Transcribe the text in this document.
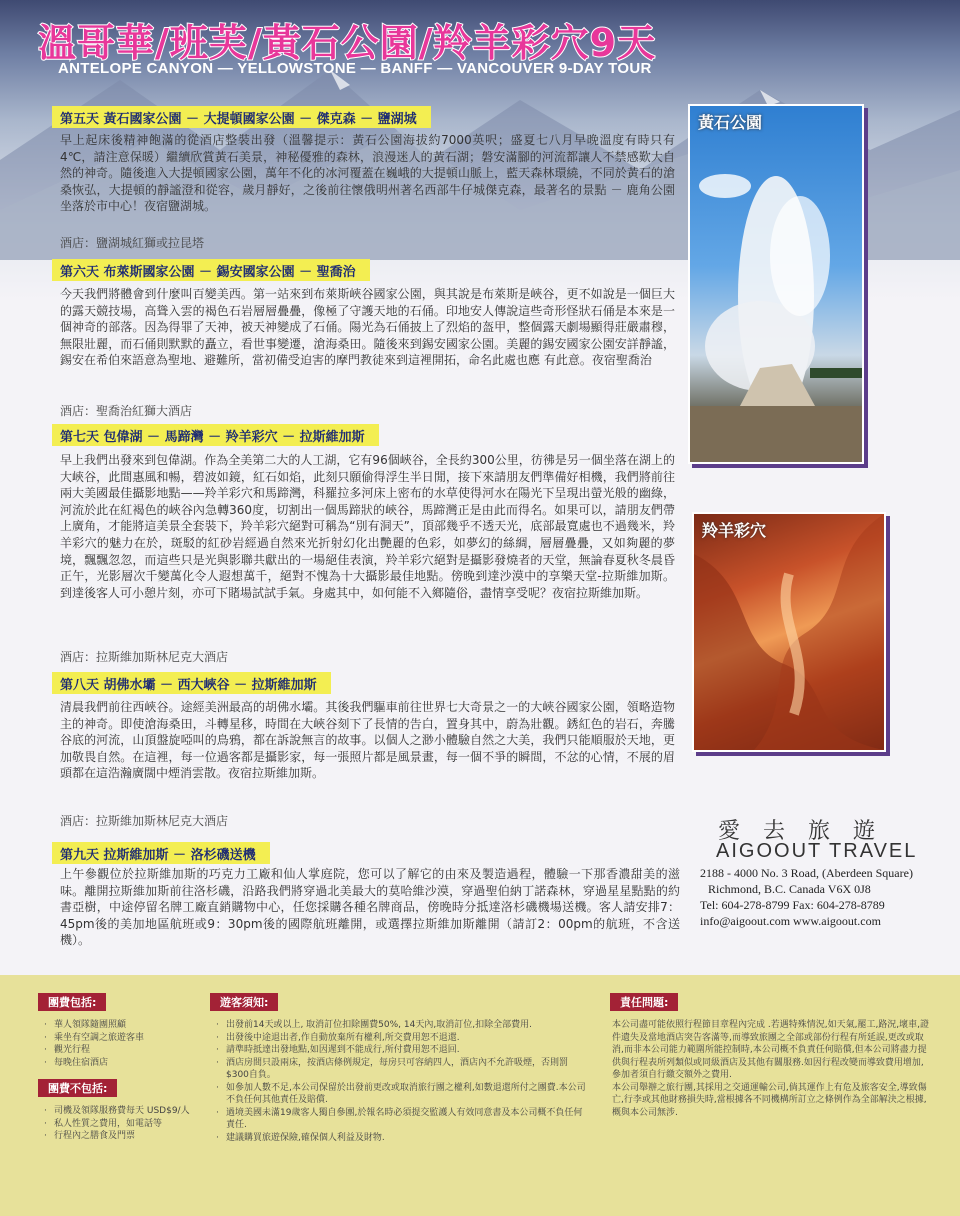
溫哥華/班芙/黃石公園/羚羊彩穴9天
ANTELOPE CANYON — YELLOWSTONE — BANFF — VANCOUVER 9-DAY TOUR
第五天 黃石國家公園 － 大提頓國家公園 － 傑克森 － 鹽湖城
早上起床後精神飽滿的從酒店整裝出發（溫馨提示：黃石公園海拔約7000英呎；盛夏七八月早晚溫度有時只有4℃，請注意保暖）繼續欣賞黃石美景，神秘優雅的森林，浪漫迷人的黃石湖；磐安滿腳的河流都讓人不禁感歎大自然的神奇。隨後進入大提頓國家公園，萬年不化的冰河覆蓋在巍峨的大提頓山脈上，藍天森林環繞，不同於黃石的滄桑恢弘，大提頓的靜謐澄和從容，歲月靜好，之後前往懷俄明州著名西部牛仔城傑克森，最著名的景點 － 鹿角公園坐落於市中心！夜宿鹽湖城。
酒店：鹽湖城紅獅或拉昆塔
第六天 布萊斯國家公園 － 錫安國家公園 － 聖喬治
今天我們將體會到什麼叫百變美西。第一站來到布萊斯峽谷國家公園，與其說是布萊斯是峽谷，更不如說是一個巨大的露天競技場，高聳入雲的褐色石岩層層疊疊，像極了守護天地的石俑。印地安人傳說這些奇形怪狀石俑是本來是一個神奇的部落。因為得罪了天神，被天神變成了石俑。陽光為石俑披上了烈焰的盔甲，整個露天劇場顯得莊嚴肅穆，無限壯麗，而石俑則默默的矗立，看世事變遷，滄海桑田。隨後來到錫安國家公園。美麗的錫安國家公園安詳靜謐，錫安在希伯來語意為聖地、避難所，當初備受迫害的摩門教徒來到這裡開拓，命名此處也應 有此意。夜宿聖喬治
酒店：聖喬治紅獅大酒店
第七天 包偉湖 － 馬蹄灣 － 羚羊彩穴 － 拉斯維加斯
早上我們出發來到包偉湖。作為全美第二大的人工湖，它有96個峽谷，全長約300公里，彷彿是另一個坐落在湖上的大峽谷，此間惠風和暢，碧波如鏡，紅石如焰，此刻只願偷得浮生半日閒，接下來請朋友們準備好相機，我們將前往兩大美國最佳攝影地點——羚羊彩穴和馬蹄灣，科羅拉多河床上密布的水草使得河水在陽光下呈現出螢光般的幽綠，河流於此在紅褐色的峽谷內急轉360度，切割出一個馬蹄狀的峽谷，馬蹄灣正是由此而得名。如果可以，請朋友們帶上廣角，才能將這美景全套裝下，羚羊彩穴絕對可稱為“別有洞天”，頂部幾乎不透天光，底部最寬處也不過幾米，羚羊彩穴的魅力在於，斑駁的紅砂岩經過自然來光折射幻化出艷麗的色彩，如夢幻的絲綢，層層疊疊，又如夠麗的夢境，飄飄忽忽，而這些只是光與影聯共獻出的一場絕佳表演，羚羊彩穴絕對是攝影發燒者的天堂，無論春夏秋冬晨昏正午，光影層次千變萬化令人遐想萬千，絕對不愧為十大攝影最佳地點。傍晚到達沙漠中的享樂天堂-拉斯維加斯。到達後客人可小憩片刻，亦可下賭場試試手氣。身處其中，如何能不入鄉隨俗，盡情享受呢？夜宿拉斯維加斯。
酒店：拉斯維加斯林尼克大酒店
第八天 胡佛水壩 － 西大峽谷 － 拉斯維加斯
清晨我們前往西峽谷。途經美洲最高的胡佛水壩。其後我們驅車前往世界七大奇景之一的大峽谷國家公園，領略造物主的神奇。即使滄海桑田，斗轉星移，時間在大峽谷刻下了長情的告白，置身其中，蔚為壯觀。銹紅色的岩石，奔騰谷底的河流，山頂盤旋啞叫的鳥鴉，都在訴說無言的故事。以個人之渺小體驗自然之大美，我們只能順服於天地，更加敬畏自然。在這裡，每一位過客都是攝影家，每一張照片都是風景畫，每一個不爭的瞬間，不忿的心情，不展的眉頭都在這浩瀚廣闊中煙消雲散。夜宿拉斯維加斯。
酒店：拉斯維加斯林尼克大酒店
第九天 拉斯維加斯 － 洛杉磯送機
上午參觀位於拉斯維加斯的巧克力工廠和仙人掌庭院，您可以了解它的由來及製造過程，體驗一下那香濃甜美的滋味。離開拉斯維加斯前往洛杉磯，沿路我們將穿過北美最大的莫哈維沙漠，穿過聖伯納丁諾森林，穿過星星點點的約書亞樹，中途停留名牌工廠直銷購物中心，任您採購各種名牌商品，傍晚時分抵達洛杉磯機場送機。客人請安排7：45pm後的美加地區航班或9：30pm後的國際航班離開，或選擇拉斯維加斯離開（請訂2：00pm的航班，不含送機）。
黃石公園
羚羊彩穴
愛 去 旅 遊
AIGOOUT TRAVEL
2188 - 4000 No. 3 Road, (Aberdeen Square)
Richmond, B.C. Canada V6X 0J8
Tel: 604-278-8799 Fax: 604-278-8789
info@aigoout.com www.aigoout.com
團費包括:
· 華人領隊隨團照顧
· 乘坐有空調之旅遊客車
· 觀光行程
· 每晚住宿酒店
團費不包括:
· 司機及領隊服務費每天 USD$9/人
· 私人性質之費用，如電話等
· 行程內之膳食及門票
遊客須知:
· 出發前14天或以上, 取消訂位扣除團費50%, 14天內,取消訂位,扣除全部費用.
· 出發後中途退出者,作自動放棄所有權利,所交費用恕不退還.
· 請準時抵達出發地點,如因遲到不能成行,所付費用恕不退回.
· 酒店房間只設兩床，按酒店條例規定，每房只可容納四人，酒店內不允許吸煙，否則罰$300自負。
· 如參加人數不足,本公司保留於出發前更改或取消旅行團之權利,如數退還所付之團費.本公司不負任何其他責任及賠償.
· 過境美國未滿19歲客人獨自參團,於報名時必須提交監護人有效同意書及本公司概不負任何責任.
· 建議購買旅遊保險,確保個人利益及財物.
責任問題:
本公司盡可能依照行程節目章程內完成 .若遇特殊情況,如天氣,罷工,路況,壞車,證件遺失及當地酒店突告客滿等,而導致旅團之全部或部份行程有所延誤,更改或取消,而非本公司能力範圍所能控制時,本公司概不負責任何賠償,但本公司將盡力提供與行程表所列類似或同級酒店及其他有關服務.如因行程改變而導致費用增加,參加者須自行繳交額外之費用.
本公司舉辦之旅行團,其採用之交通運輸公司,倘其運作上有危及旅客安全,導致傷亡,行李或其他財務損失時,當根據各不同機構所訂立之條例作為全部解決之根據,概與本公司無涉.
